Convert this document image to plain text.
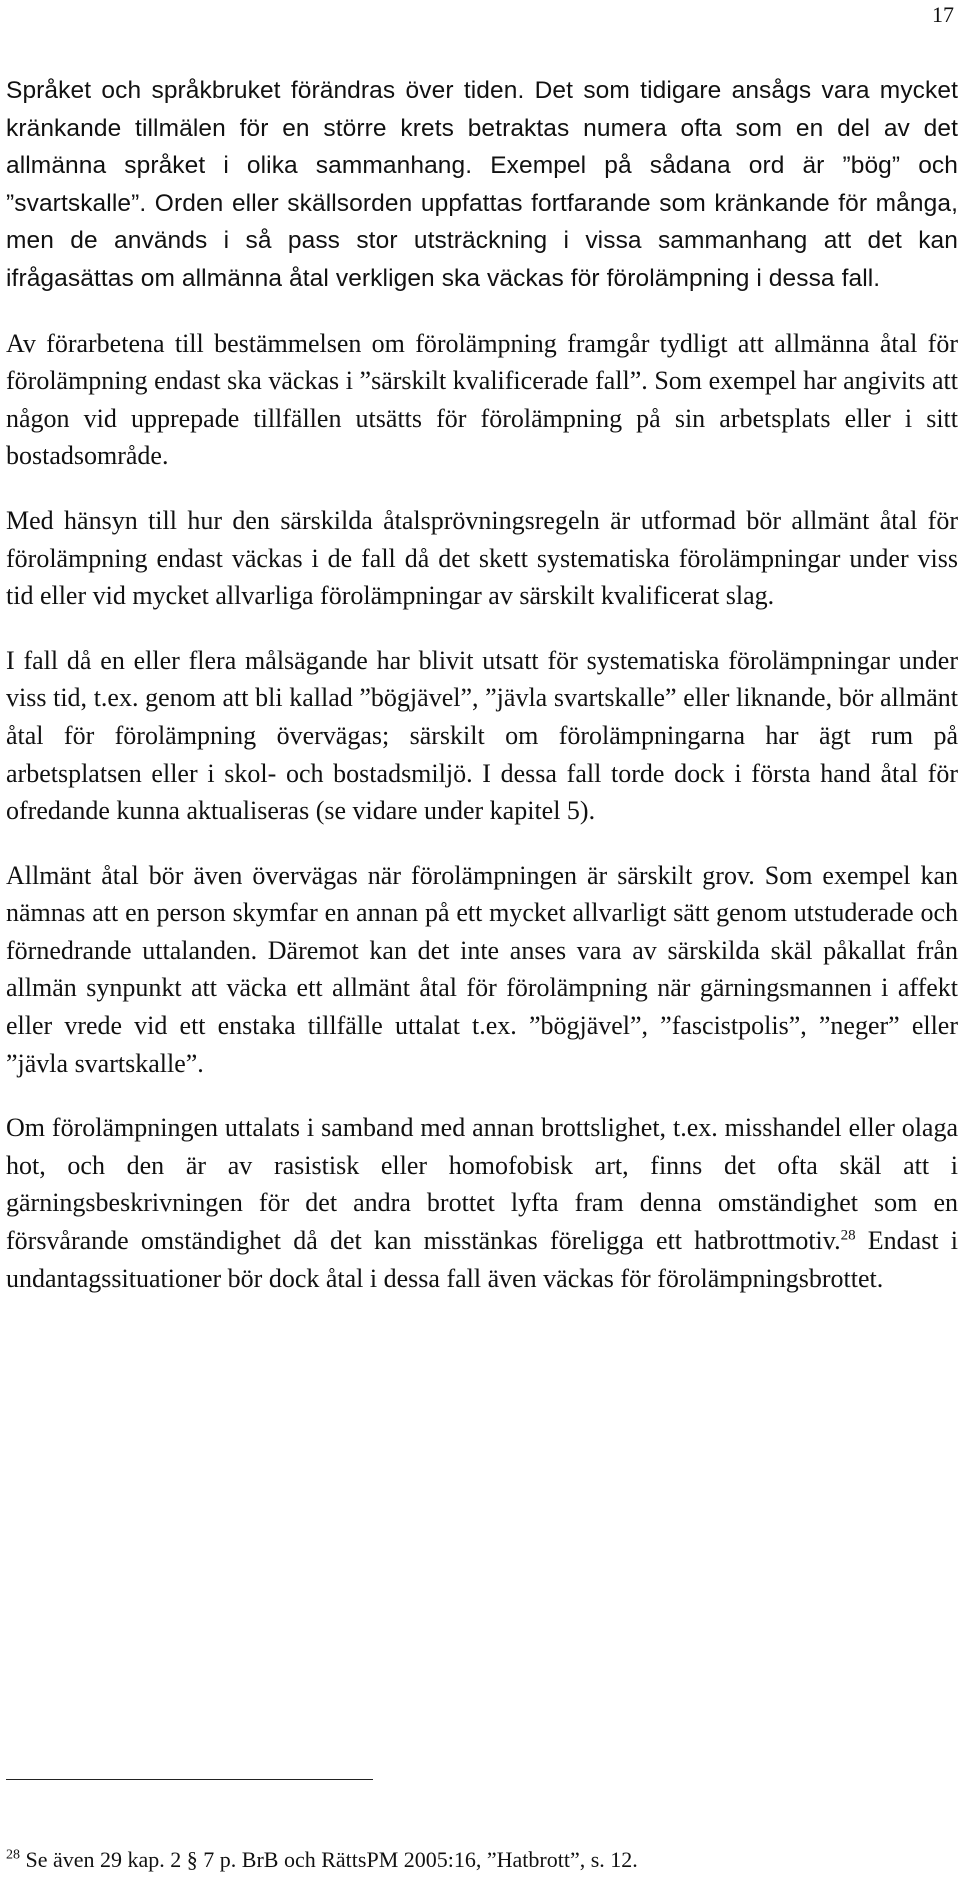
17

Språket och språkbruket förändras över tiden. Det som tidigare ansågs vara mycket kränkande tillmälen för en större krets betraktas numera ofta som en del av det allmänna språket i olika sammanhang. Exempel på sådana ord är ”bög” och ”svartskalle”. Orden eller skällsorden uppfattas fortfarande som kränkande för många, men de används i så pass stor utsträckning i vissa sammanhang att det kan ifrågasättas om allmänna åtal verkligen ska väckas för förolämpning i dessa fall.

Av förarbetena till bestämmelsen om förolämpning framgår tydligt att allmänna åtal för förolämpning endast ska väckas i ”särskilt kvalificerade fall”. Som exempel har angivits att någon vid upprepade tillfällen utsätts för förolämpning på sin arbetsplats eller i sitt bostadsområde.

Med hänsyn till hur den särskilda åtalsprövningsregeln är utformad bör allmänt åtal för förolämpning endast väckas i de fall då det skett systematiska förolämpningar under viss tid eller vid mycket allvarliga förolämpningar av särskilt kvalificerat slag.

I fall då en eller flera målsägande har blivit utsatt för systematiska förolämpningar under viss tid, t.ex. genom att bli kallad ”bögjävel”, ”jävla svartskalle” eller liknande, bör allmänt åtal för förolämpning övervägas; särskilt om förolämpningarna har ägt rum på arbetsplatsen eller i skol- och bostadsmiljö. I dessa fall torde dock i första hand åtal för ofredande kunna aktualiseras (se vidare under kapitel 5).

Allmänt åtal bör även övervägas när förolämpningen är särskilt grov. Som exempel kan nämnas att en person skymfar en annan på ett mycket allvarligt sätt genom utstuderade och förnedrande uttalanden. Däremot kan det inte anses vara av särskilda skäl påkallat från allmän synpunkt att väcka ett allmänt åtal för förolämpning när gärningsmannen i affekt eller vrede vid ett enstaka tillfälle uttalat t.ex. ”bögjävel”, ”fascistpolis”, ”neger” eller ”jävla svartskalle”.

Om förolämpningen uttalats i samband med annan brottslighet, t.ex. misshandel eller olaga hot, och den är av rasistisk eller homofobisk art, finns det ofta skäl att i gärningsbeskrivningen för det andra brottet lyfta fram denna omständighet som en försvårande omständighet då det kan misstänkas föreligga ett hatbrottmotiv.$^{28}$ Endast i undantagssituationer bör dock åtal i dessa fall även väckas för förolämpningsbrottet.

$^{28}$ Se även 29 kap. 2 § 7 p. BrB och RättsPM 2005:16, ”Hatbrott”, s. 12.
